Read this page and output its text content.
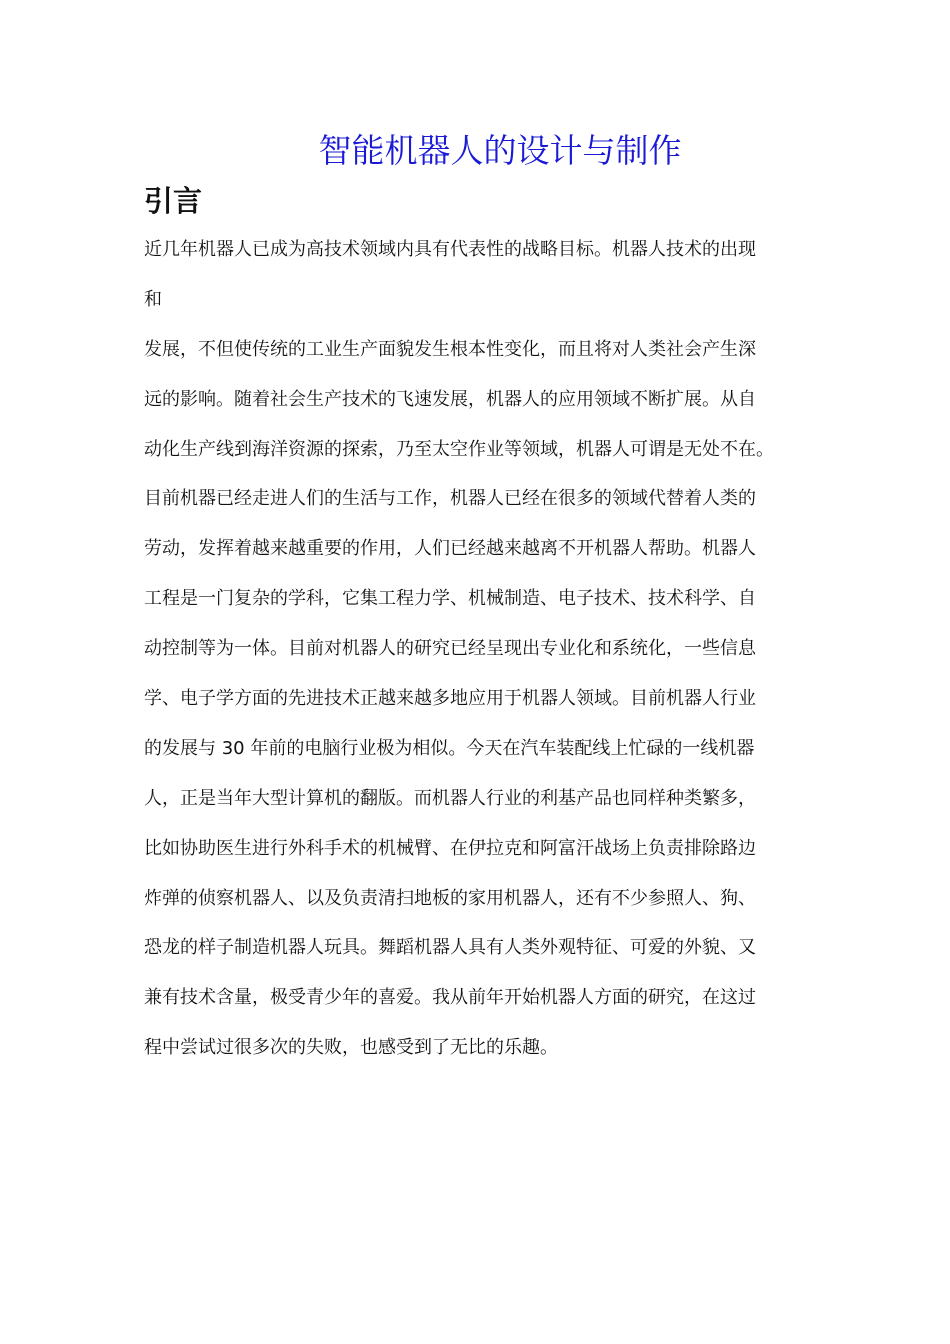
智能机器人的设计与制作
引言
近几年机器人已成为高技术领域内具有代表性的战略目标。机器人技术的出现
和
发展，不但使传统的工业生产面貌发生根本性变化，而且将对人类社会产生深
远的影响。随着社会生产技术的飞速发展，机器人的应用领域不断扩展。从自
动化生产线到海洋资源的探索，乃至太空作业等领域，机器人可谓是无处不在。
目前机器已经走进人们的生活与工作，机器人已经在很多的领域代替着人类的
劳动，发挥着越来越重要的作用，人们已经越来越离不开机器人帮助。机器人
工程是一门复杂的学科，它集工程力学、机械制造、电子技术、技术科学、自
动控制等为一体。目前对机器人的研究已经呈现出专业化和系统化，一些信息
学、电子学方面的先进技术正越来越多地应用于机器人领域。目前机器人行业
的发展与 30 年前的电脑行业极为相似。今天在汽车装配线上忙碌的一线机器
人，正是当年大型计算机的翻版。而机器人行业的利基产品也同样种类繁多，
比如协助医生进行外科手术的机械臂、在伊拉克和阿富汗战场上负责排除路边
炸弹的侦察机器人、以及负责清扫地板的家用机器人，还有不少参照人、狗、
恐龙的样子制造机器人玩具。舞蹈机器人具有人类外观特征、可爱的外貌、又
兼有技术含量，极受青少年的喜爱。我从前年开始机器人方面的研究，在这过
程中尝试过很多次的失败，也感受到了无比的乐趣。
